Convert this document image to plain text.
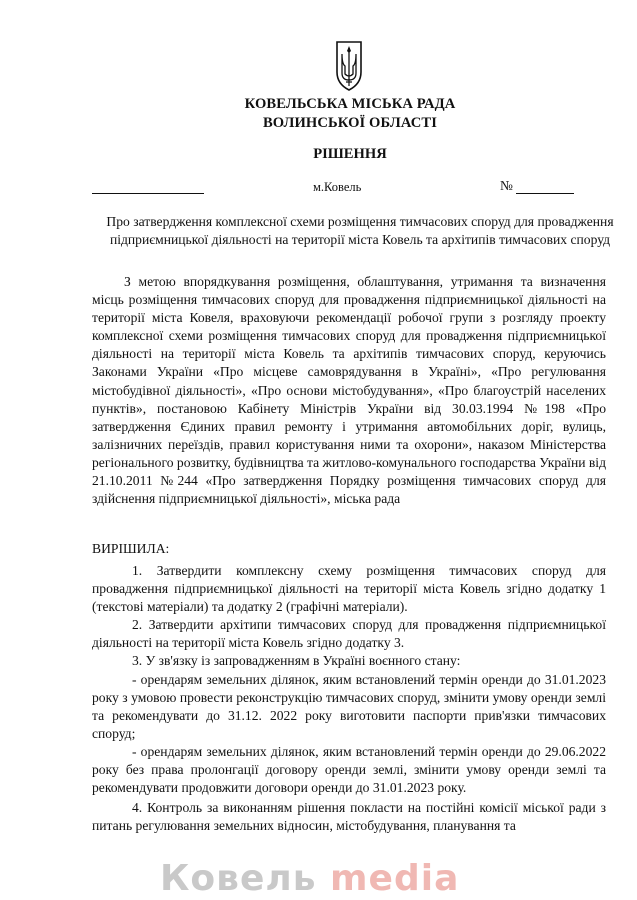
КОВЕЛЬСЬКА МІСЬКА РАДА
ВОЛИНСЬКОЇ ОБЛАСТІ
РІШЕННЯ
м.Ковель	№
Про затвердження комплексної схеми розміщення тимчасових споруд для провадження підприємницької діяльності на території міста Ковель та архітипів тимчасових споруд
З метою впорядкування розміщення, облаштування, утримання та визначення місць розміщення тимчасових споруд для провадження підприємницької діяльності на території міста Ковеля, враховуючи рекомендації робочої групи з розгляду проекту комплексної схеми розміщення тимчасових споруд для провадження підприємницької діяльності на території міста Ковель та архітипів тимчасових споруд, керуючись Законами України «Про місцеве самоврядування в Україні», «Про регулювання містобудівної діяльності», «Про основи містобудування», «Про благоустрій населених пунктів», постановою Кабінету Міністрів України від 30.03.1994 №198 «Про затвердження Єдиних правил ремонту і утримання автомобільних доріг, вулиць, залізничних переїздів, правил користування ними та охорони», наказом Міністерства регіонального розвитку, будівництва та житлово-комунального господарства України від 21.10.2011 №244 «Про затвердження Порядку розміщення тимчасових споруд для здійснення підприємницької діяльності», міська рада
ВИРІШИЛА:

1. Затвердити комплексну схему розміщення тимчасових споруд для провадження підприємницької діяльності на території міста Ковель згідно додатку 1 (текстові матеріали) та додатку 2 (графічні матеріали).

2. Затвердити архітипи тимчасових споруд для провадження підприємницької діяльності на території міста Ковель згідно додатку 3.

3. У зв'язку із запровадженням в Україні воєнного стану:

- орендарям земельних ділянок, яким встановлений термін оренди до 31.01.2023 року з умовою провести реконструкцію тимчасових споруд, змінити умову оренди землі та рекомендувати до 31.12. 2022 року виготовити паспорти прив'язки тимчасових споруд;

- орендарям земельних ділянок, яким встановлений термін оренди до 29.06.2022 року без права пролонгації договору оренди землі, змінити умову оренди землі та рекомендувати продовжити договори оренди до 31.01.2023 року.

4. Контроль за виконанням рішення покласти на постійні комісії міської ради з питань регулювання земельних відносин, містобудування, планування та

Ковель media
